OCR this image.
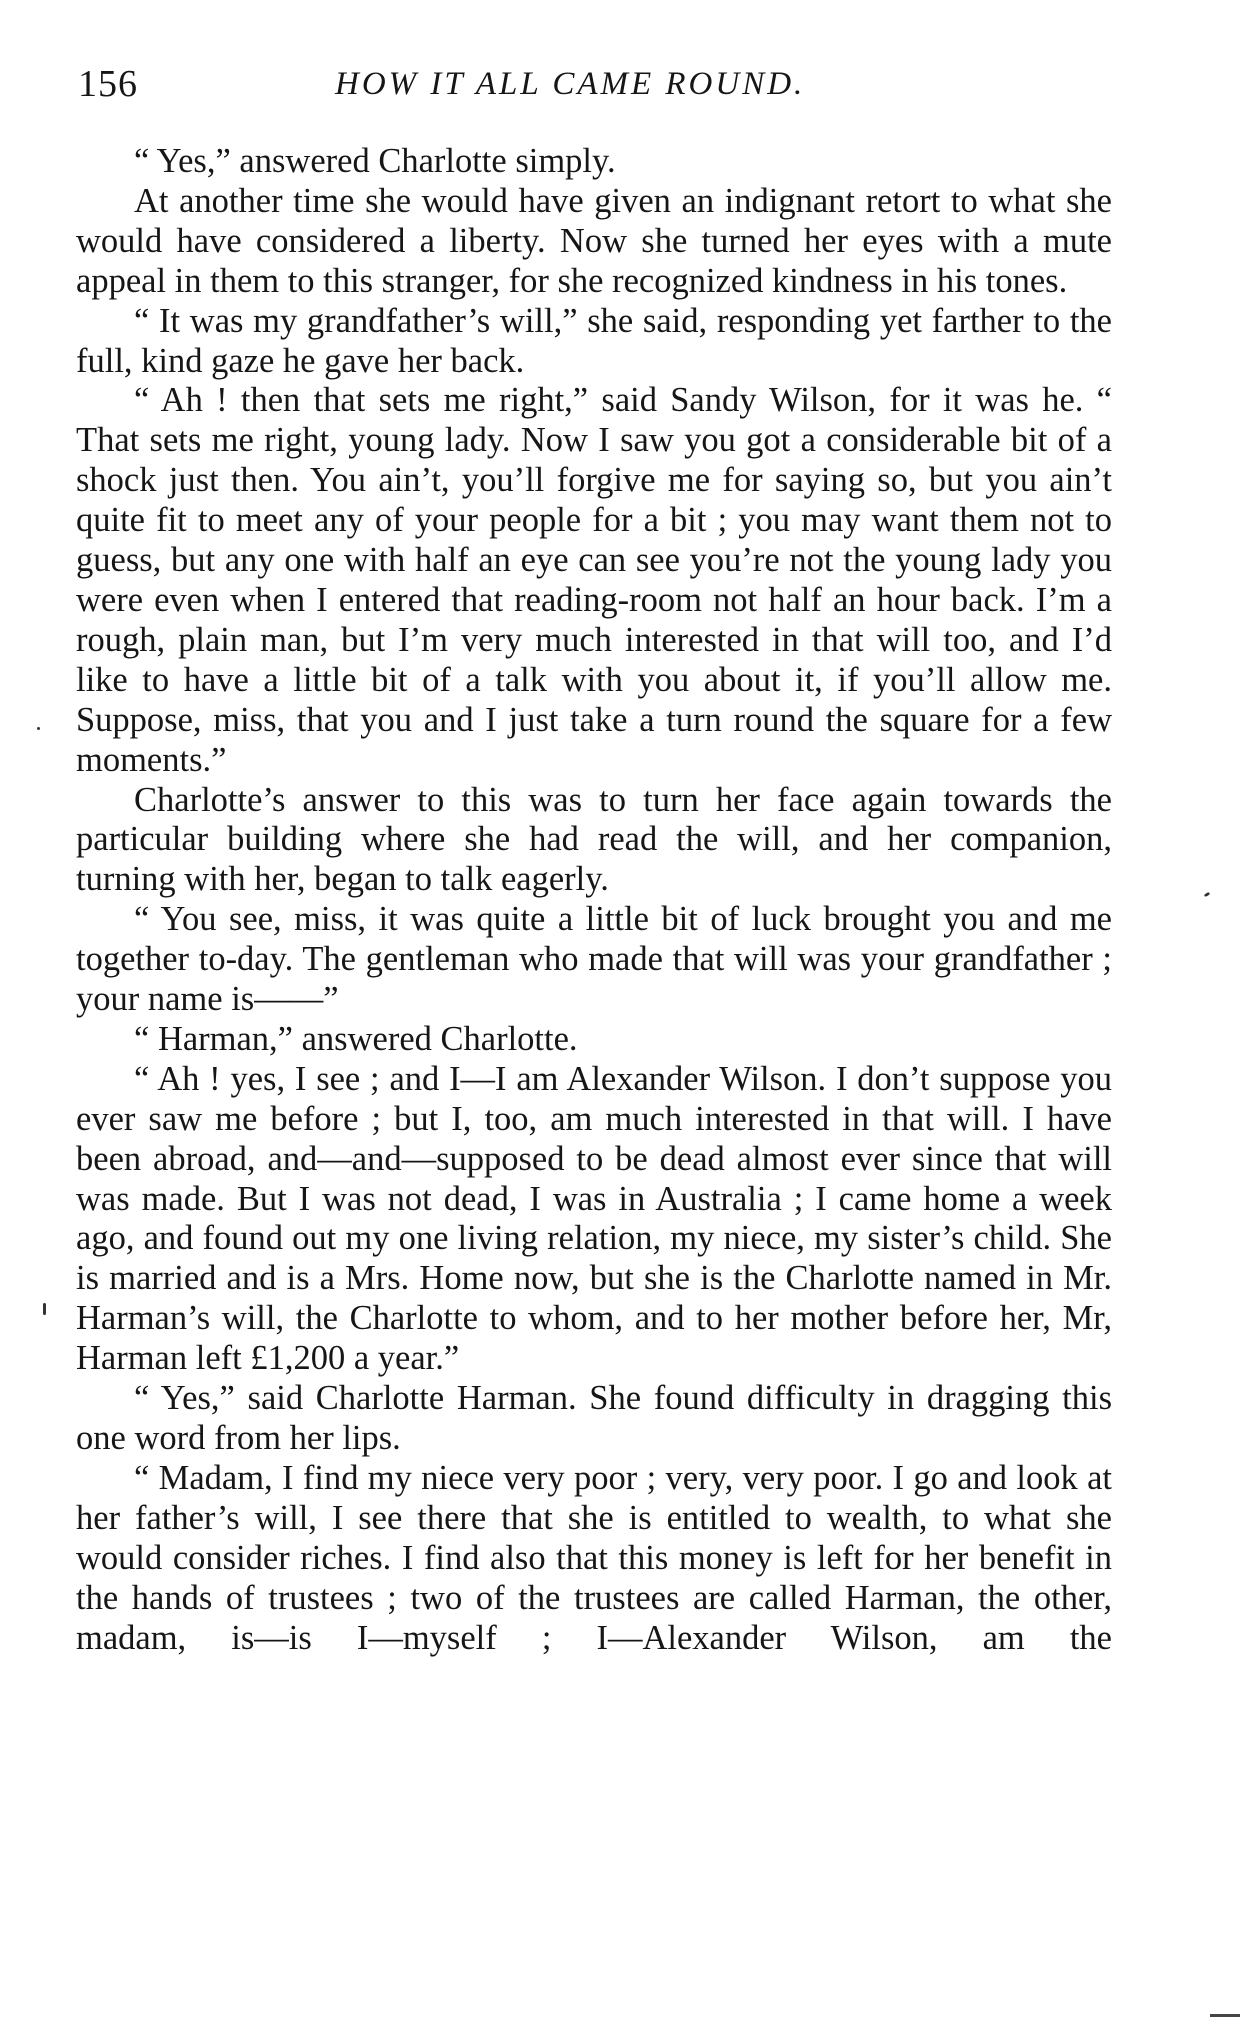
156	HOW IT ALL CAME ROUND.

“ Yes,” answered Charlotte simply.

At another time she would have given an indignant retort to what she would have considered a liberty. Now she turned her eyes with a mute appeal in them to this stranger, for she recognized kindness in his tones.

“ It was my grandfather’s will,” she said, responding yet farther to the full, kind gaze he gave her back.

“ Ah ! then that sets me right,” said Sandy Wilson, for it was he. “ That sets me right, young lady. Now I saw you got a considerable bit of a shock just then. You ain’t, you’ll forgive me for saying so, but you ain’t quite fit to meet any of your people for a bit ; you may want them not to guess, but any one with half an eye can see you’re not the young lady you were even when I entered that reading-room not half an hour back. I’m a rough, plain man, but I’m very much interested in that will too, and I’d like to have a little bit of a talk with you about it, if you’ll allow me. Suppose, miss, that you and I just take a turn round the square for a few moments.”

Charlotte’s answer to this was to turn her face again towards the particular building where she had read the will, and her companion, turning with her, began to talk eagerly.

“ You see, miss, it was quite a little bit of luck brought you and me together to-day. The gentleman who made that will was your grandfather ; your name is——”

“ Harman,” answered Charlotte.

“ Ah ! yes, I see ; and I—I am Alexander Wilson. I don’t suppose you ever saw me before ; but I, too, am much interested in that will. I have been abroad, and—and—supposed to be dead almost ever since that will was made. But I was not dead, I was in Australia ; I came home a week ago, and found out my one living relation, my niece, my sister’s child. She is married and is a Mrs. Home now, but she is the Charlotte named in Mr. Harman’s will, the Charlotte to whom, and to her mother before her, Mr, Harman left £1,200 a year.”

“ Yes,” said Charlotte Harman. She found difficulty in dragging this one word from her lips.

“ Madam, I find my niece very poor ; very, very poor. I go and look at her father’s will, I see there that she is entitled to wealth, to what she would consider riches. I find also that this money is left for her benefit in the hands of trustees ; two of the trustees are called Harman, the other, madam, is—is I—myself ; I—Alexander Wilson, am the
